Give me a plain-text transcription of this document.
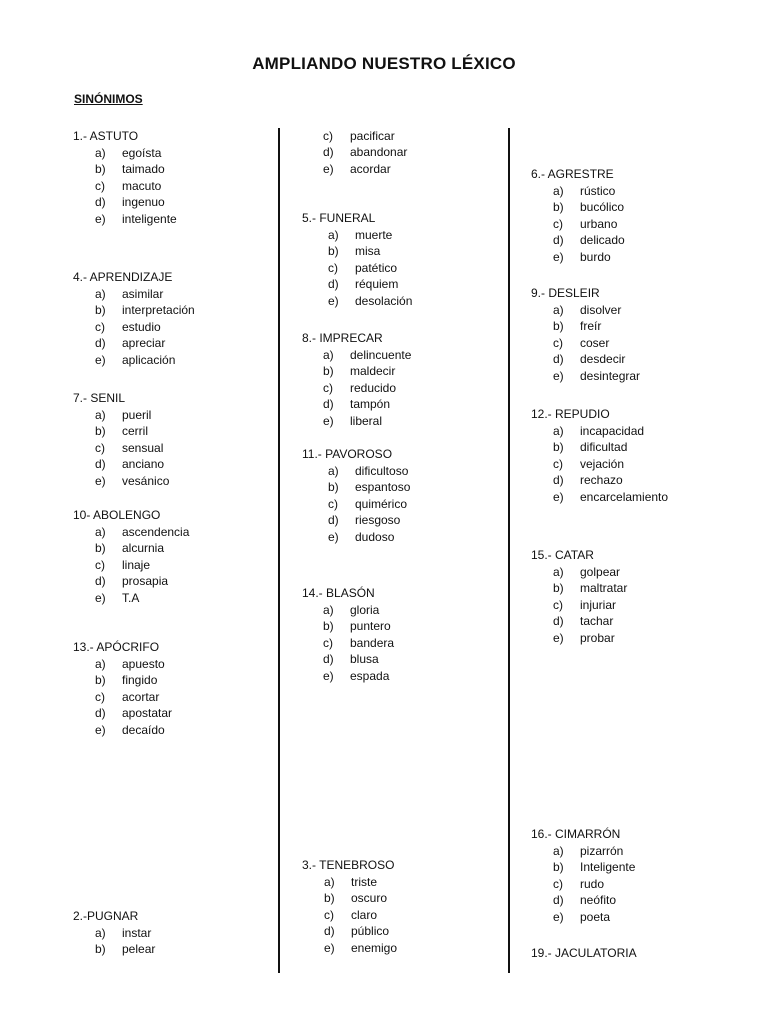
AMPLIANDO NUESTRO LÉXICO
SINÓNIMOS
1.- ASTUTO
a)	egoísta
b)	taimado
c)	macuto
d)	ingenuo
e)	inteligente
4.- APRENDIZAJE
a)	asimilar
b)	interpretación
c)	estudio
d)	apreciar
e)	aplicación
7.- SENIL
a)	pueril
b)	cerril
c)	sensual
d)	anciano
e)	vesánico
10- ABOLENGO
a)	ascendencia
b)	alcurnia
c)	linaje
d)	prosapia
e)	T.A
13.- APÓCRIFO
a)	apuesto
b)	fingido
c)	acortar
d)	apostatar
e)	decaído
2.-PUGNAR
a)	instar
b)	pelear
c)	pacificar
d)	abandonar
e)	acordar
5.- FUNERAL
a)	muerte
b)	misa
c)	patético
d)	réquiem
e)	desolación
8.- IMPRECAR
a)	delincuente
b)	maldecir
c)	reducido
d)	tampón
e)	liberal
11.- PAVOROSO
a)	dificultoso
b)	espantoso
c)	quimérico
d)	riesgoso
e)	dudoso
14.- BLASÓN
a)	gloria
b)	puntero
c)	bandera
d)	blusa
e)	espada
3.- TENEBROSO
a)	triste
b)	oscuro
c)	claro
d)	público
e)	enemigo
6.- AGRESTRE
a)	rústico
b)	bucólico
c)	urbano
d)	delicado
e)	burdo
9.- DESLEIR
a)	disolver
b)	freír
c)	coser
d)	desdecir
e)	desintegrar
12.- REPUDIO
a)	incapacidad
b)	dificultad
c)	vejación
d)	rechazo
e)	encarcelamiento
15.- CATAR
a)	golpear
b)	maltratar
c)	injuriar
d)	tachar
e)	probar
16.- CIMARRÓN
a)	pizarrón
b)	Inteligente
c)	rudo
d)	neófito
e)	poeta
19.- JACULATORIA
